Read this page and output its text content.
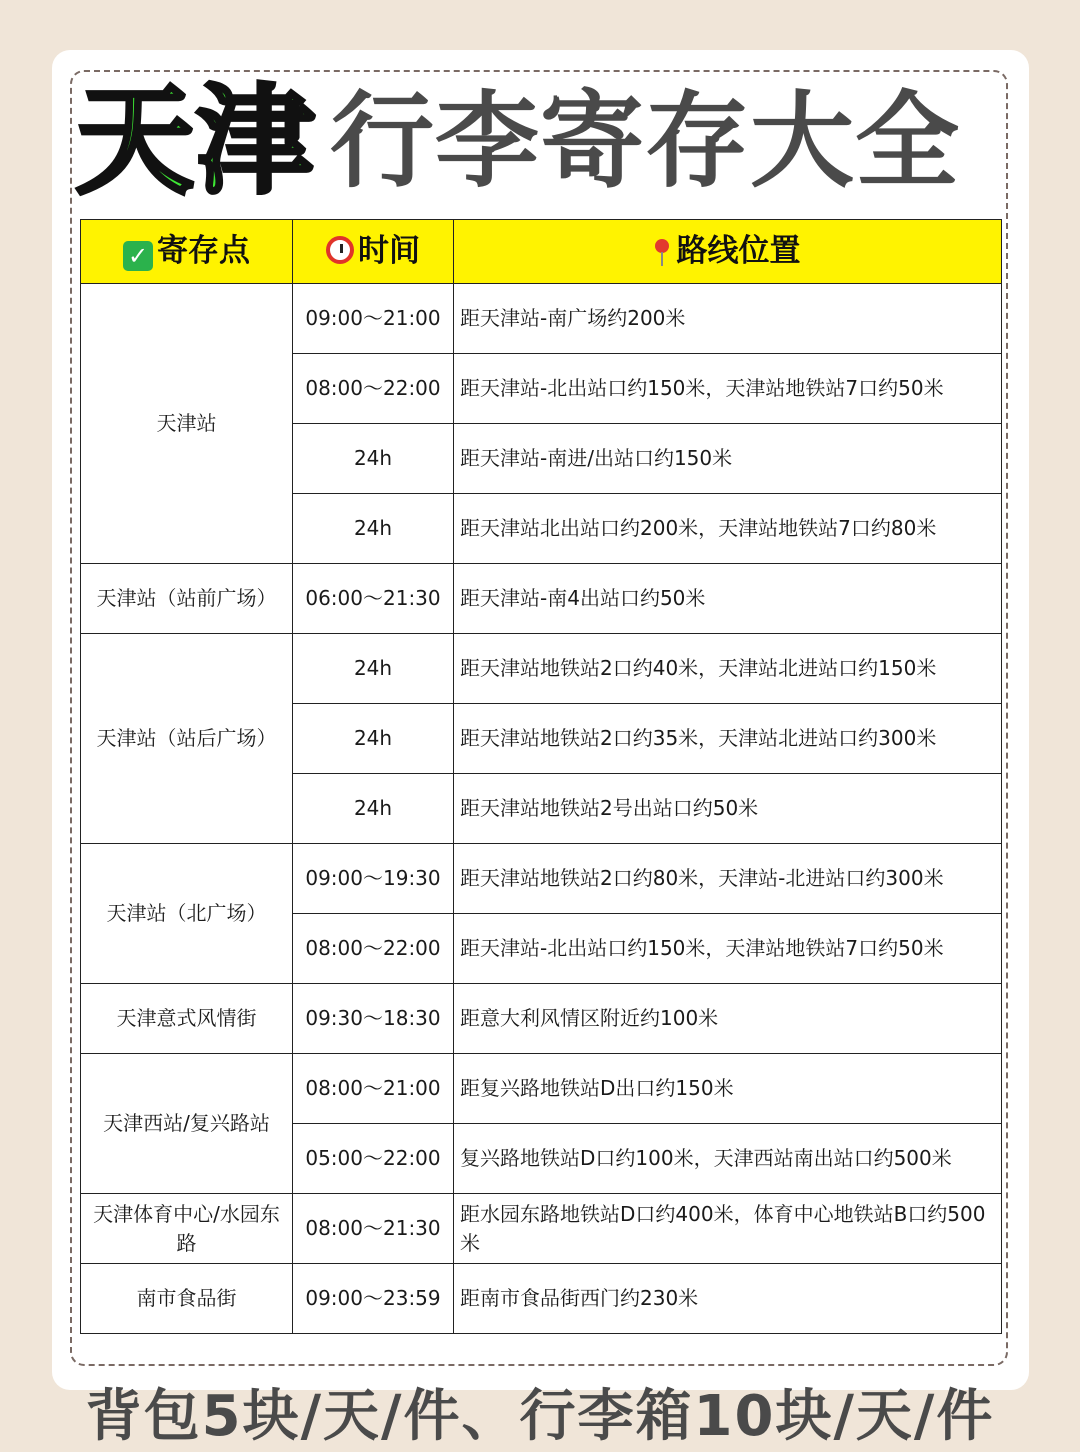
天津 行李寄存大全
✓ 寄存点	时间	路线位置
天津站	09:00～21:00	距天津站-南广场约200米
	08:00～22:00	距天津站-北出站口约150米，天津站地铁站7口约50米
	24h	距天津站-南进/出站口约150米
	24h	距天津站北出站口约200米，天津站地铁站7口约80米
天津站（站前广场）	06:00～21:30	距天津站-南4出站口约50米
天津站（站后广场）	24h	距天津站地铁站2口约40米，天津站北进站口约150米
	24h	距天津站地铁站2口约35米，天津站北进站口约300米
	24h	距天津站地铁站2号出站口约50米
天津站（北广场）	09:00～19:30	距天津站地铁站2口约80米，天津站-北进站口约300米
	08:00～22:00	距天津站-北出站口约150米，天津站地铁站7口约50米
天津意式风情街	09:30～18:30	距意大利风情区附近约100米
天津西站/复兴路站	08:00～21:00	距复兴路地铁站D出口约150米
	05:00～22:00	复兴路地铁站D口约100米，天津西站南出站口约500米
天津体育中心/水园东路	08:00～21:30	距水园东路地铁站D口约400米，体育中心地铁站B口约500米
南市食品街	09:00～23:59	距南市食品街西门约230米
背包5块/天/件、行李箱10块/天/件
